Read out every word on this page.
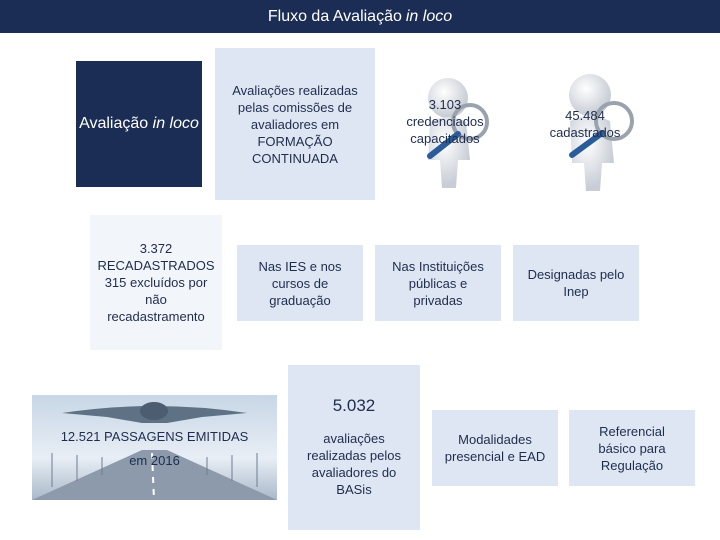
Fluxo da Avaliação in loco
Avaliação in loco
Avaliações realizadas pelas comissões de avaliadores em FORMAÇÃO CONTINUADA
3.103
credenciados
capacitados
45.484
cadastrados
3.372
RECADASTRADOS
315 excluídos por
não
recadastramento
Nas IES e nos cursos de graduação
Nas Instituições públicas e privadas
Designadas pelo Inep
12.521 PASSAGENS EMITIDAS
em 2016
5.032
avaliações realizadas pelos avaliadores do BASis
Modalidades presencial e EAD
Referencial básico para Regulação
